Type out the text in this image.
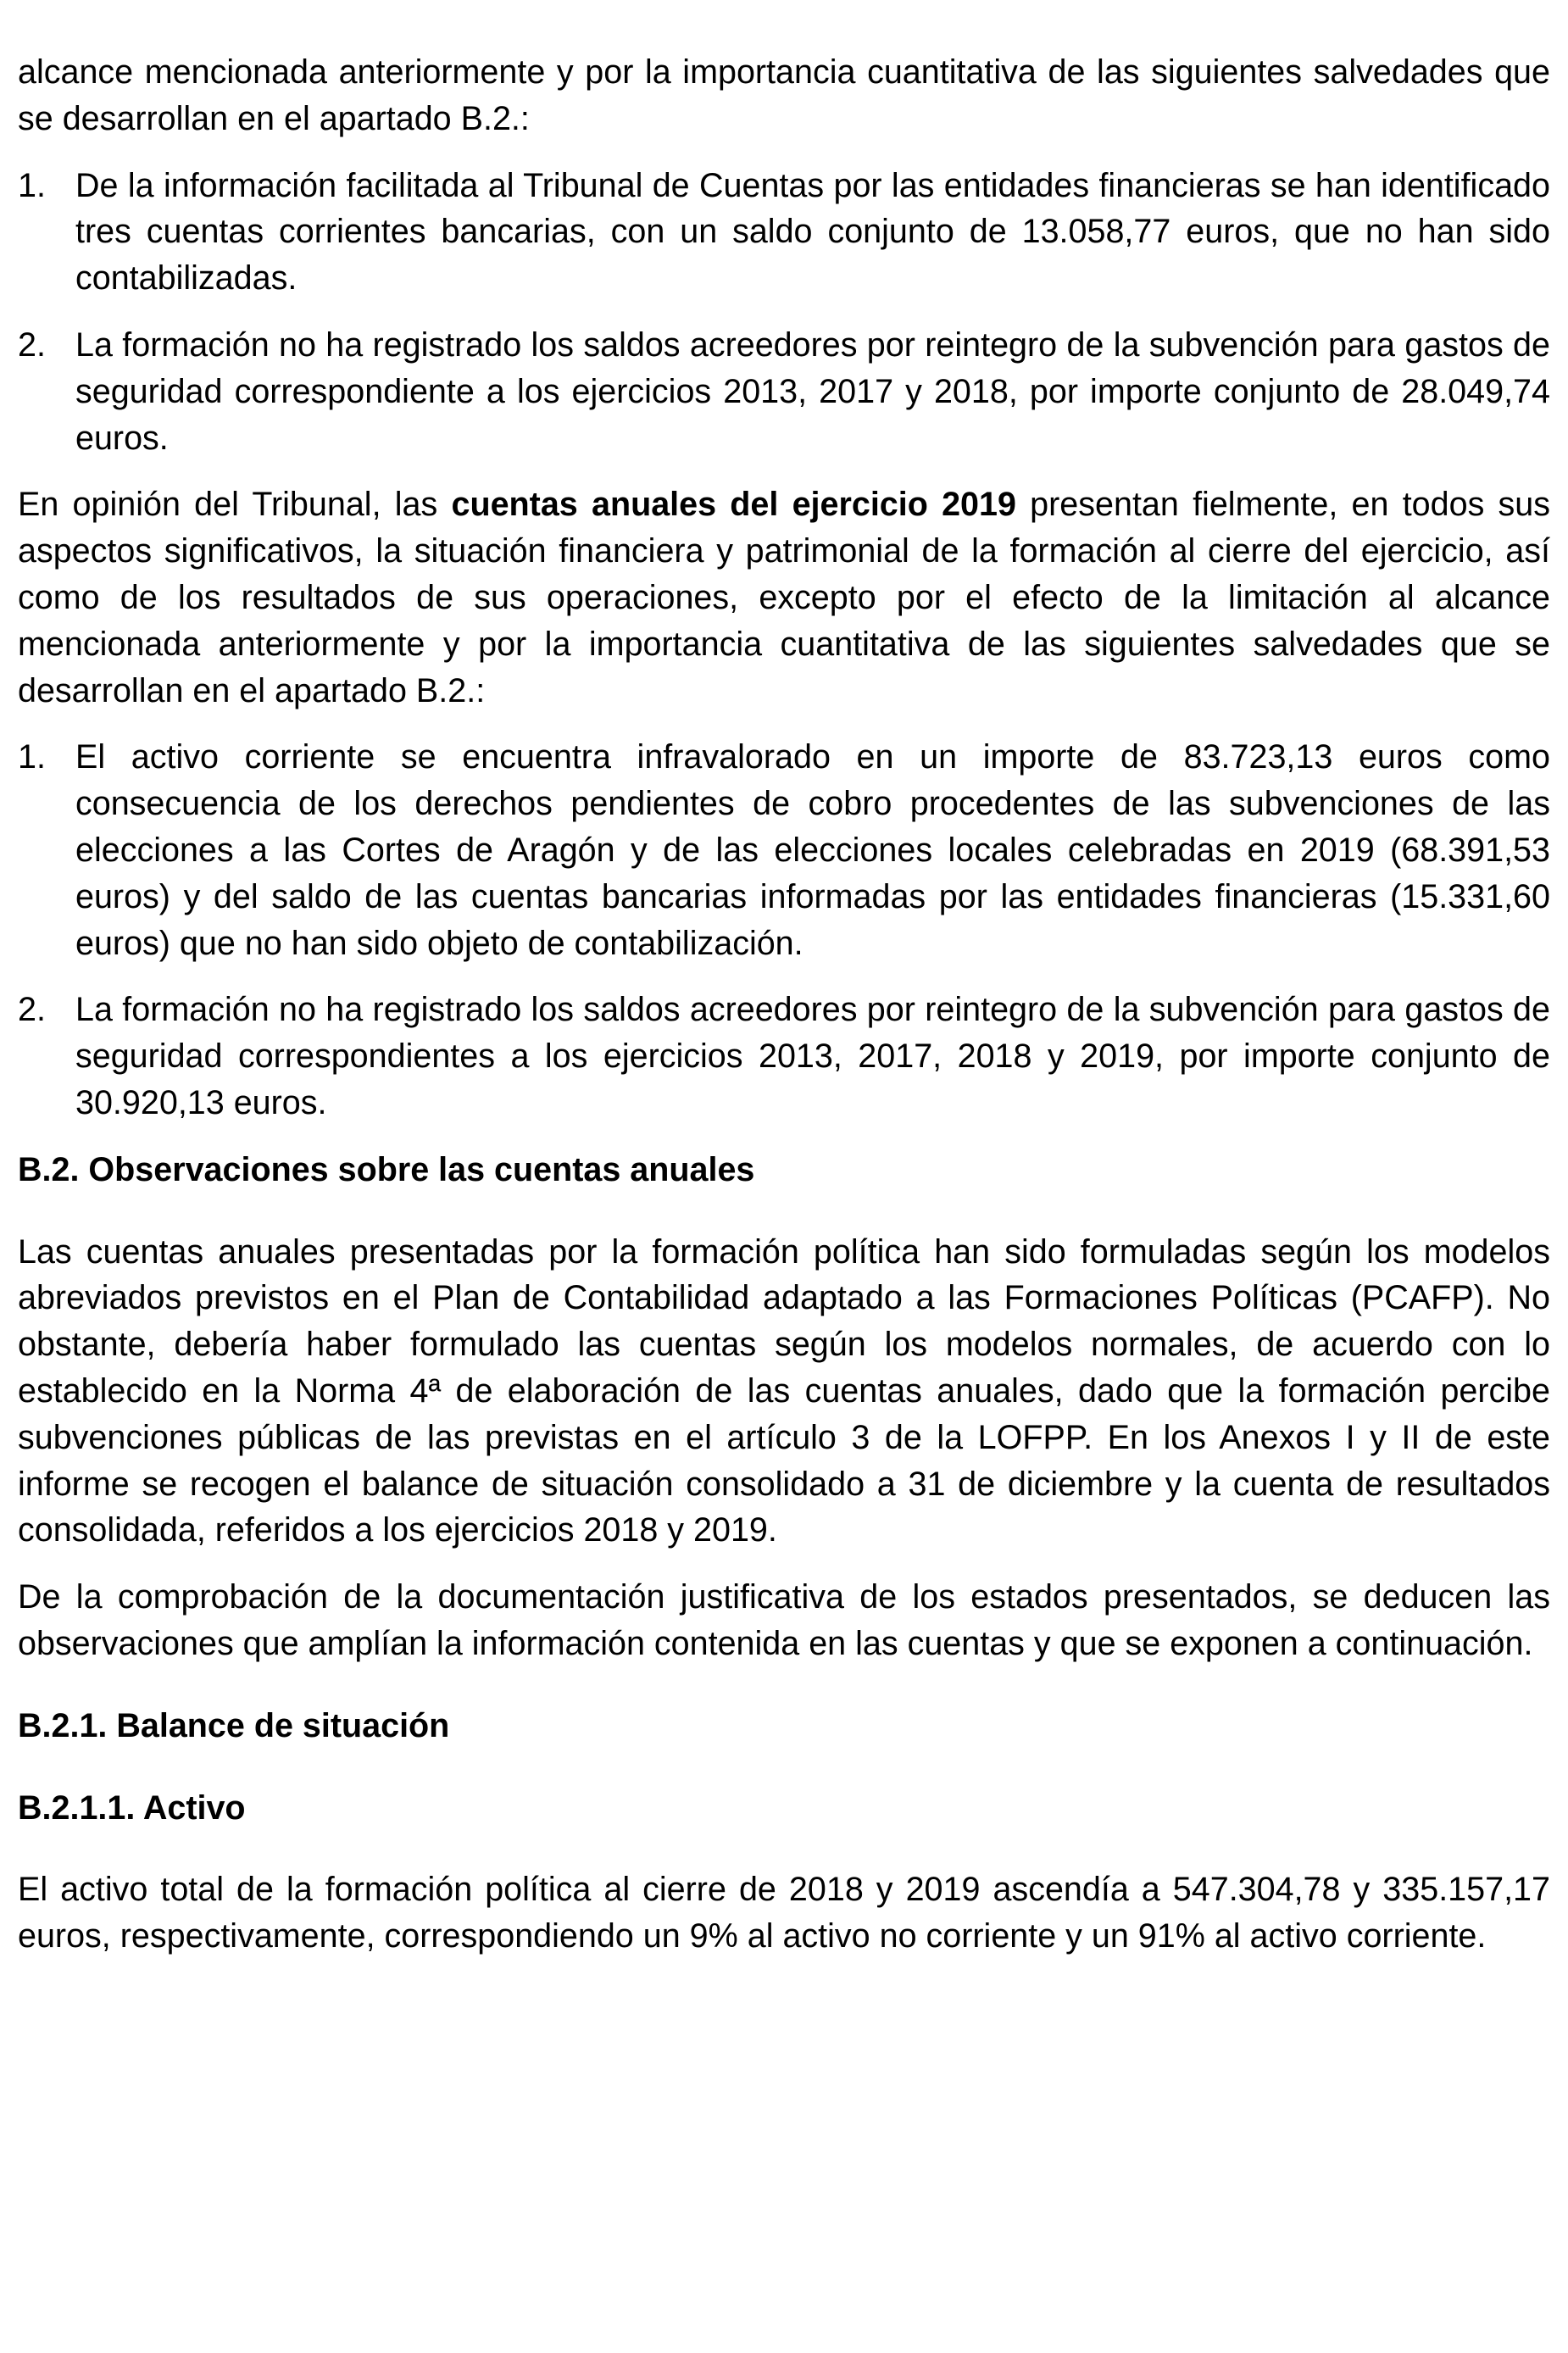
alcance mencionada anteriormente y por la importancia cuantitativa de las siguientes salvedades que se desarrollan en el apartado B.2.:

1. De la información facilitada al Tribunal de Cuentas por las entidades financieras se han identificado tres cuentas corrientes bancarias, con un saldo conjunto de 13.058,77 euros, que no han sido contabilizadas.
2. La formación no ha registrado los saldos acreedores por reintegro de la subvención para gastos de seguridad correspondiente a los ejercicios 2013, 2017 y 2018, por importe conjunto de 28.049,74 euros.

En opinión del Tribunal, las cuentas anuales del ejercicio 2019 presentan fielmente, en todos sus aspectos significativos, la situación financiera y patrimonial de la formación al cierre del ejercicio, así como de los resultados de sus operaciones, excepto por el efecto de la limitación al alcance mencionada anteriormente y por la importancia cuantitativa de las siguientes salvedades que se desarrollan en el apartado B.2.:

1. El activo corriente se encuentra infravalorado en un importe de 83.723,13 euros como consecuencia de los derechos pendientes de cobro procedentes de las subvenciones de las elecciones a las Cortes de Aragón y de las elecciones locales celebradas en 2019 (68.391,53 euros) y del saldo de las cuentas bancarias informadas por las entidades financieras (15.331,60 euros) que no han sido objeto de contabilización.
2. La formación no ha registrado los saldos acreedores por reintegro de la subvención para gastos de seguridad correspondientes a los ejercicios 2013, 2017, 2018 y 2019, por importe conjunto de 30.920,13 euros.

B.2. Observaciones sobre las cuentas anuales

Las cuentas anuales presentadas por la formación política han sido formuladas según los modelos abreviados previstos en el Plan de Contabilidad adaptado a las Formaciones Políticas (PCAFP). No obstante, debería haber formulado las cuentas según los modelos normales, de acuerdo con lo establecido en la Norma 4ª de elaboración de las cuentas anuales, dado que la formación percibe subvenciones públicas de las previstas en el artículo 3 de la LOFPP. En los Anexos I y II de este informe se recogen el balance de situación consolidado a 31 de diciembre y la cuenta de resultados consolidada, referidos a los ejercicios 2018 y 2019.

De la comprobación de la documentación justificativa de los estados presentados, se deducen las observaciones que amplían la información contenida en las cuentas y que se exponen a continuación.

B.2.1. Balance de situación

B.2.1.1. Activo

El activo total de la formación política al cierre de 2018 y 2019 ascendía a 547.304,78 y 335.157,17 euros, respectivamente, correspondiendo un 9% al activo no corriente y un 91% al activo corriente.
